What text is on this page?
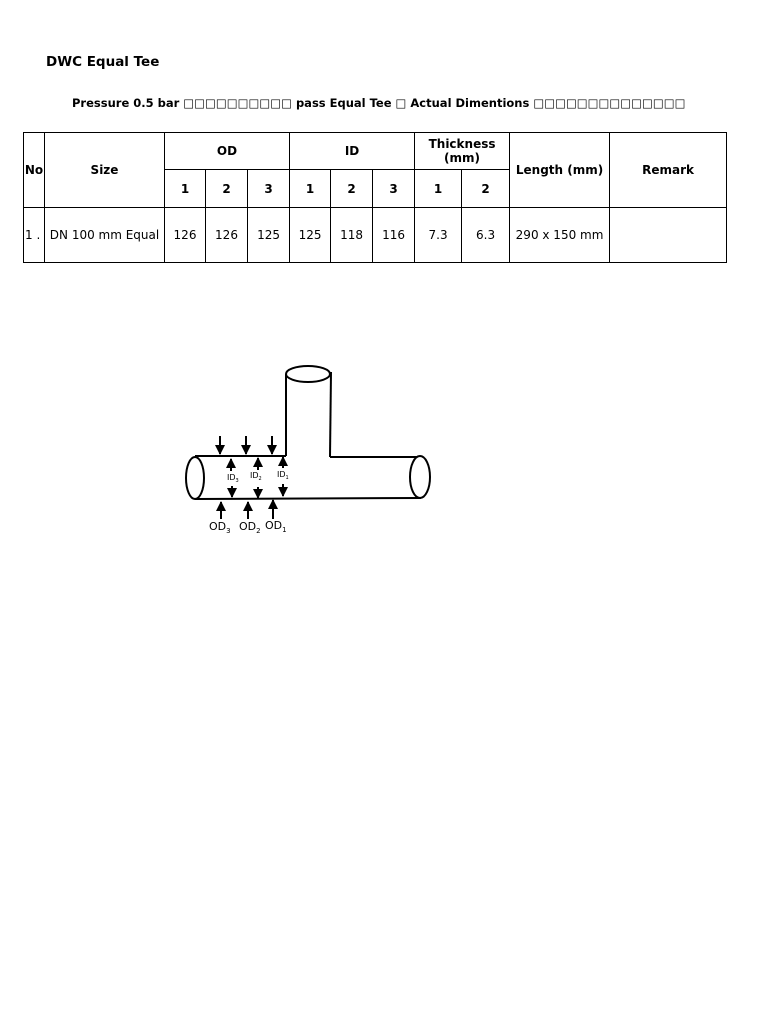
DWC Equal Tee
Pressure 0.5 bar □□□□□□□□□□ pass Equal Tee □ Actual Dimentions □□□□□□□□□□□□□□
No	Size	OD			ID			Thickness
(mm)		Length (mm)	Remark
		1	2	3	1	2	3	1	2		
1 .	DN 100 mm Equal	126	126	125	125	118	116	7.3	6.3	290 x 150 mm	
$ID_3$
$ID_2$ $ID_1$
$OD_3$ $OD_2$ $OD_1$
